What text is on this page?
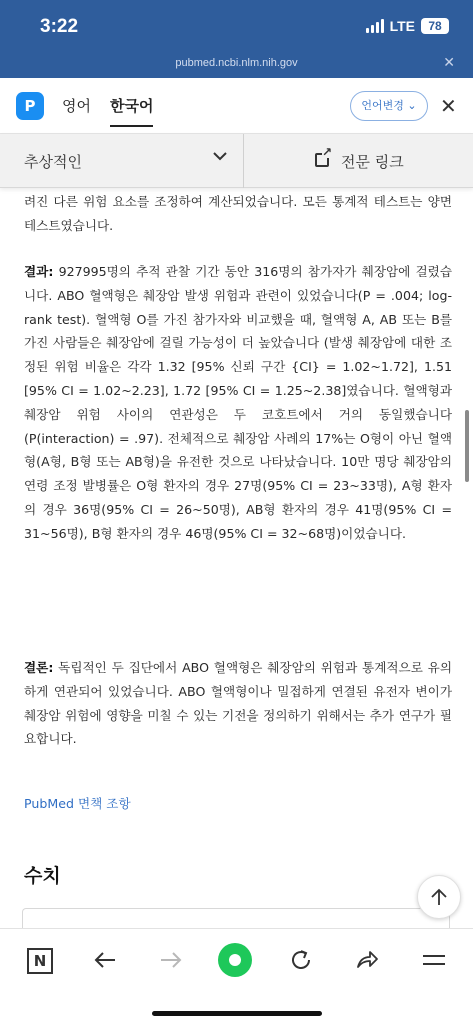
3:22	LTE	78
pubmed.ncbi.nlm.nih.gov	✕
P	영어 한국어	언어변경 ⌄	✕
추상적인
↗	전문 링크

려진 다른 위험 요소를 조정하여 계산되었습니다. 모든 통계적 테스트는 양면 테스트였습니다.

결과: 927995명의 추적 관찰 기간 동안 316명의 참가자가 췌장암에 걸렸습니다. ABO 혈액형은 췌장암 발생 위험과 관련이 있었습니다(P = .004; log-rank test). 혈액형 O를 가진 참가자와 비교했을 때, 혈액형 A, AB 또는 B를 가진 사람들은 췌장암에 걸릴 가능성이 더 높았습니다 (발생 췌장암에 대한 조정된 위험 비율은 각각 1.32 [95% 신뢰 구간 {CI} = 1.02~1.72], 1.51 [95% CI = 1.02~2.23], 1.72 [95% CI = 1.25~2.38]였습니다. 혈액형과 췌장암 위험 사이의 연관성은 두 코호트에서 거의 동일했습니다 (P(interaction) = .97). 전체적으로 췌장암 사례의 17%는 O형이 아닌 혈액형(A형, B형 또는 AB형)을 유전한 것으로 나타났습니다. 10만 명당 췌장암의 연령 조정 발병률은 O형 환자의 경우 27명(95% CI = 23~33명), A형 환자의 경우 36명(95% CI = 26~50명), AB형 환자의 경우 41명(95% CI = 31~56명), B형 환자의 경우 46명(95% CI = 32~68명)이었습니다.

결론: 독립적인 두 집단에서 ABO 혈액형은 췌장암의 위험과 통계적으로 유의하게 연관되어 있었습니다. ABO 혈액형이나 밀접하게 연결된 유전자 변이가 췌장암 위험에 영향을 미칠 수 있는 기전을 정의하기 위해서는 추가 연구가 필요합니다.

PubMed 면책 조항
수치
N
